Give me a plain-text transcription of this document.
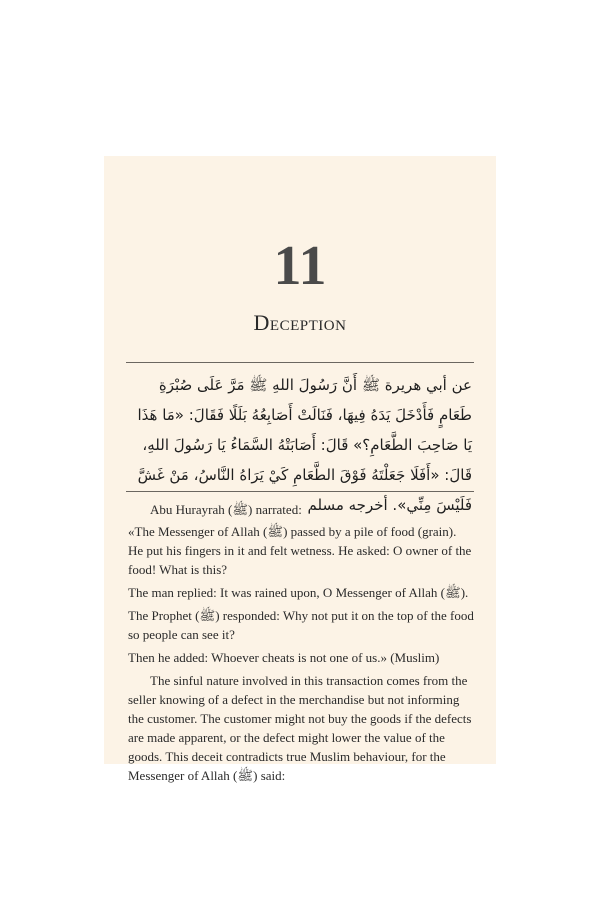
11
Deception
عن أبي هريرة ﷺ أَنَّ رَسُولَ اللهِ ﷺ مَرَّ عَلَى صُبْرَةِ طَعَامٍ فَأَدْخَلَ يَدَهُ فِيهَا، فَنَالَتْ أَصَابِعُهُ بَلَلًا فَقَالَ: «مَا هَذَا يَا صَاحِبَ الطَّعَامِ؟» قَالَ: أَصَابَتْهُ السَّمَاءُ يَا رَسُولَ اللهِ، قَالَ: «أَفَلَا جَعَلْتَهُ فَوْقَ الطَّعَامِ كَيْ يَرَاهُ النَّاسُ، مَنْ غَشَّ فَلَيْسَ مِنِّي». أخرجه مسلم

Abu Hurayrah (ﷺ) narrated:

«The Messenger of Allah (ﷺ) passed by a pile of food (grain). He put his fingers in it and felt wetness. He asked: O owner of the food! What is this?

The man replied: It was rained upon, O Messenger of Allah (ﷺ).

The Prophet (ﷺ) responded: Why not put it on the top of the food so people can see it?

Then he added: Whoever cheats is not one of us.» (Muslim)

The sinful nature involved in this transaction comes from the seller knowing of a defect in the merchandise but not informing the customer. The customer might not buy the goods if the defects are made apparent, or the defect might lower the value of the goods. This deceit contradicts true Muslim behaviour, for the Messenger of Allah (ﷺ) said:
